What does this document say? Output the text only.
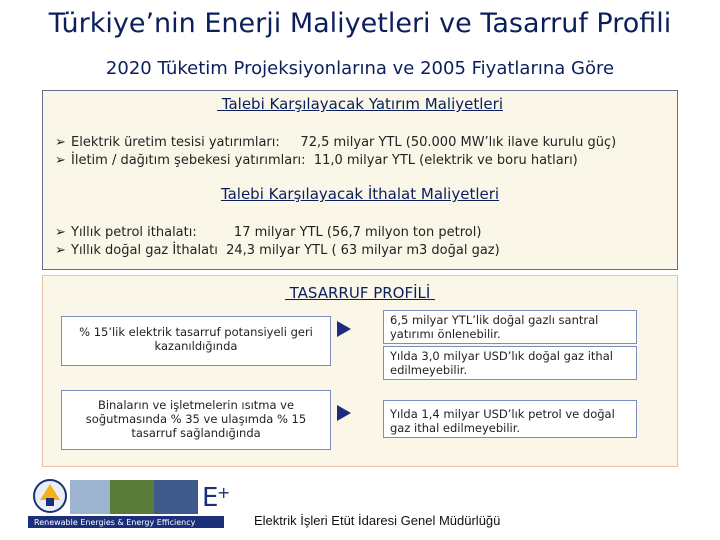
Türkiye’nin Enerji Maliyetleri ve Tasarruf Profili
2020 Tüketim Projeksiyonlarına ve 2005 Fiyatlarına Göre
Talebi Karşılayacak Yatırım Maliyetleri
➢ Elektrik üretim tesisi yatırımları:     72,5 milyar YTL (50.000 MW’lık ilave kurulu güç)
➢ İletim / dağıtım şebekesi yatırımları:  11,0 milyar YTL (elektrik ve boru hatları)
Talebi Karşılayacak İthalat Maliyetleri
➢ Yıllık petrol ithalatı:         17 milyar YTL (56,7 milyon ton petrol)
➢ Yıllık doğal gaz İthalatı  24,3 milyar YTL ( 63 milyar m3 doğal gaz)
TASARRUF PROFİLİ
% 15’lik elektrik tasarruf potansiyeli geri kazanıldığında
Binaların ve işletmelerin ısıtma ve soğutmasında % 35 ve ulaşımda % 15 tasarruf sağlandığında
6,5 milyar YTL’lik doğal gazlı santral yatırımı önlenebilir.
Yılda 3,0 milyar USD’lık doğal gaz ithal edilmeyebilir.
Yılda 1,4 milyar USD’lık petrol ve doğal gaz ithal edilmeyebilir.
E
+
Renewable Energies & Energy Efficiency	Elektrik İşleri Etüt İdaresi Genel Müdürlüğü
